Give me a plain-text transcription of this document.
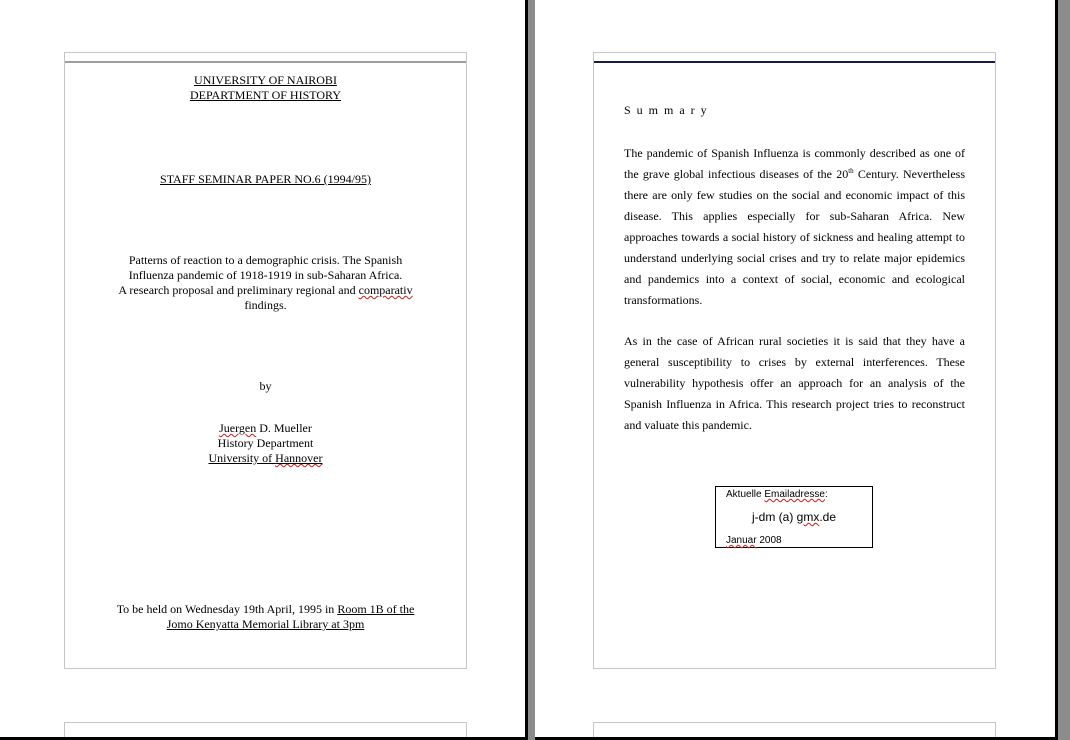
UNIVERSITY OF NAIROBI
DEPARTMENT OF HISTORY
STAFF SEMINAR PAPER NO.6 (1994/95)
Patterns of reaction to a demographic crisis. The Spanish
Influenza pandemic of 1918-1919 in sub-Saharan Africa.
A research proposal and preliminary regional and comparativ
findings.
by
Juergen D. Mueller
History Department
University of Hannover
To be held on Wednesday 19th April, 1995 in Room 1B of the
Jomo Kenyatta Memorial Library at 3pm
Summary
The pandemic of Spanish Influenza is commonly described as one of the grave global infectious diseases of the 20th Century. Nevertheless there are only few studies on the social and economic impact of this disease. This applies especially for sub-Saharan Africa. New approaches towards a social history of sickness and healing attempt to understand underlying social crises and try to relate major epidemics and pandemics into a context of social, economic and ecological transformations.
As in the case of African rural societies it is said that they have a general susceptibility to crises by external interferences. These vulnerability hypothesis offer an approach for an analysis of the Spanish Influenza in Africa. This research project tries to reconstruct and valuate this pandemic.
Aktuelle Emailadresse:
j-dm (a) gmx.de
Januar 2008
